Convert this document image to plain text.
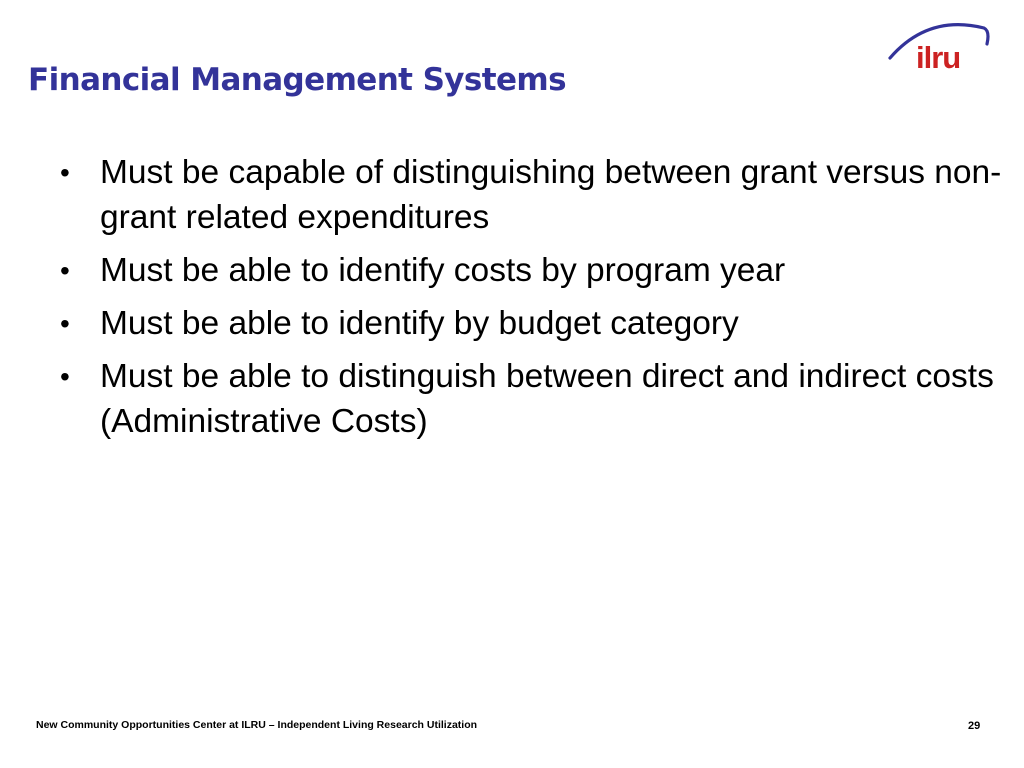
Financial Management Systems
ilru
• Must be capable of distinguishing between grant versus non-grant related expenditures
• Must be able to identify costs by program year
• Must be able to identify by budget category
• Must be able to distinguish between direct and indirect costs (Administrative Costs)
New Community Opportunities Center at ILRU – Independent Living Research Utilization	29
